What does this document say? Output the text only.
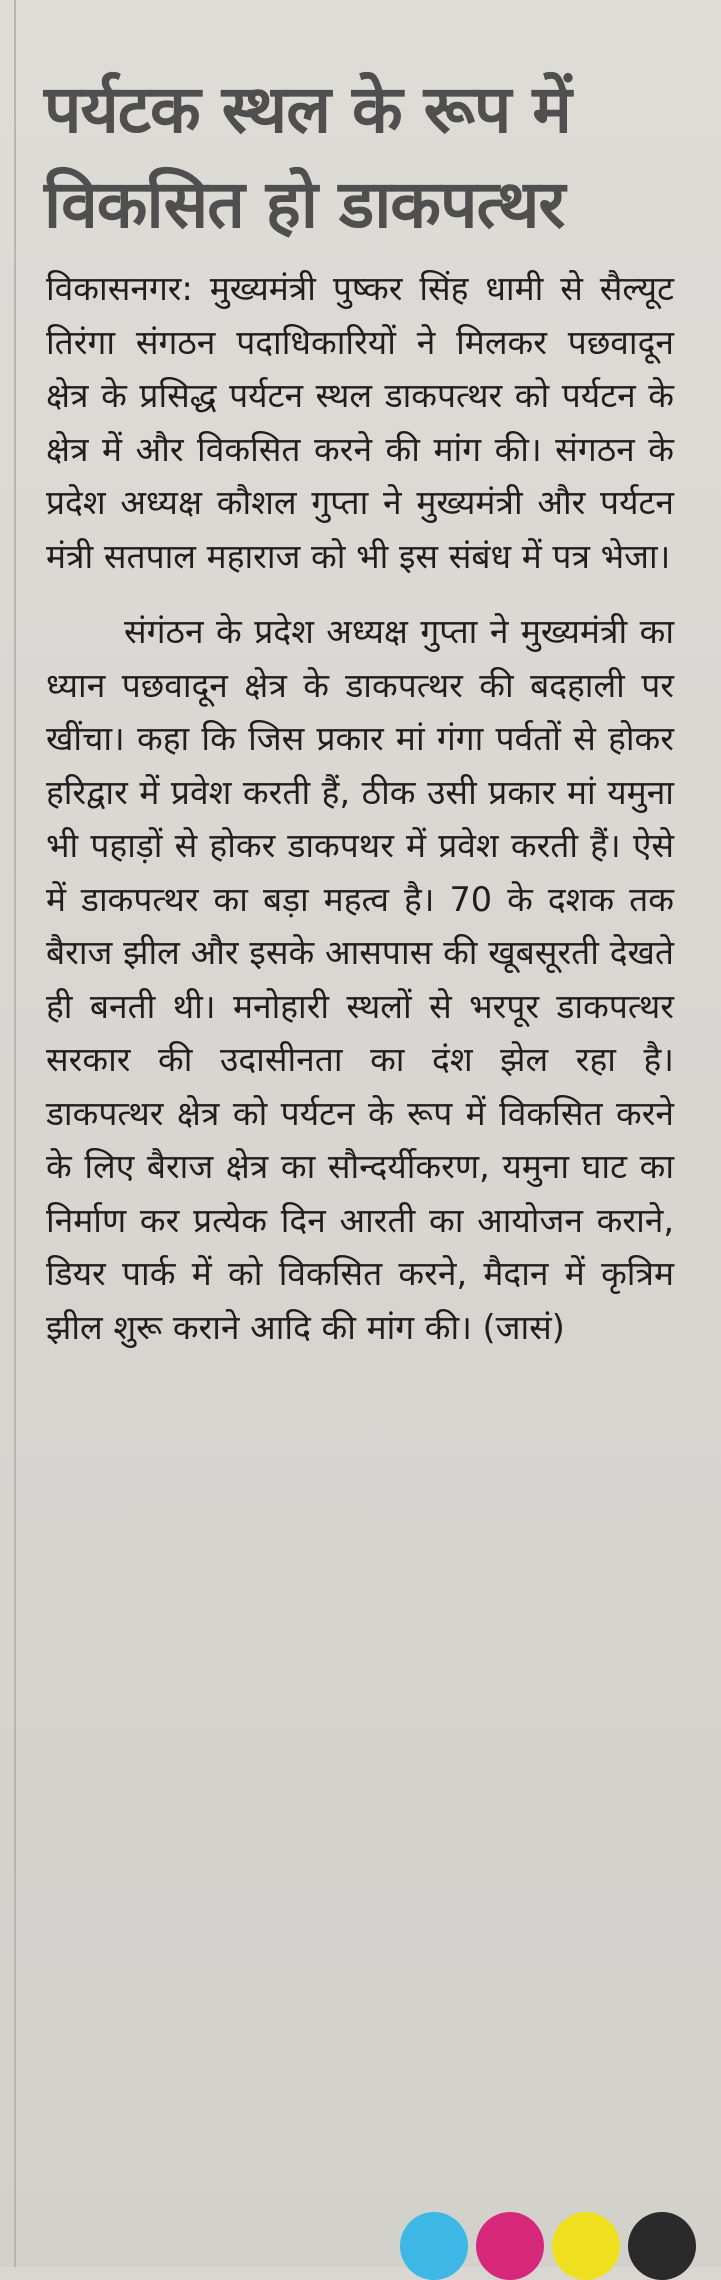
पर्यटक स्थल के रूप में
विकसित हो डाकपत्थर

विकासनगर: मुख्यमंत्री पुष्कर सिंह धामी से सैल्यूट तिरंगा संगठन पदाधिकारियों ने मिलकर पछवादून क्षेत्र के प्रसिद्ध पर्यटन स्थल डाकपत्थर को पर्यटन के क्षेत्र में और विकसित करने की मांग की। संगठन के प्रदेश अध्यक्ष कौशल गुप्ता ने मुख्यमंत्री और पर्यटन मंत्री सतपाल महाराज को भी इस संबंध में पत्र भेजा।

संगंठन के प्रदेश अध्यक्ष गुप्ता ने मुख्यमंत्री का ध्यान पछवादून क्षेत्र के डाकपत्थर की बदहाली पर खींचा। कहा कि जिस प्रकार मां गंगा पर्वतों से होकर हरिद्वार में प्रवेश करती हैं, ठीक उसी प्रकार मां यमुना भी पहाड़ों से होकर डाकपथर में प्रवेश करती हैं। ऐसे में डाकपत्थर का बड़ा महत्व है। 70 के दशक तक बैराज झील और इसके आसपास की खूबसूरती देखते ही बनती थी। मनोहारी स्थलों से भरपूर डाकपत्थर सरकार की उदासीनता का दंश झेल रहा है। डाकपत्थर क्षेत्र को पर्यटन के रूप में विकसित करने के लिए बैराज क्षेत्र का सौन्दर्यीकरण, यमुना घाट का निर्माण कर प्रत्येक दिन आरती का आयोजन कराने, डियर पार्क में को विकसित करने, मैदान में कृत्रिम झील शुरू कराने आदि की मांग की। (जासं)
